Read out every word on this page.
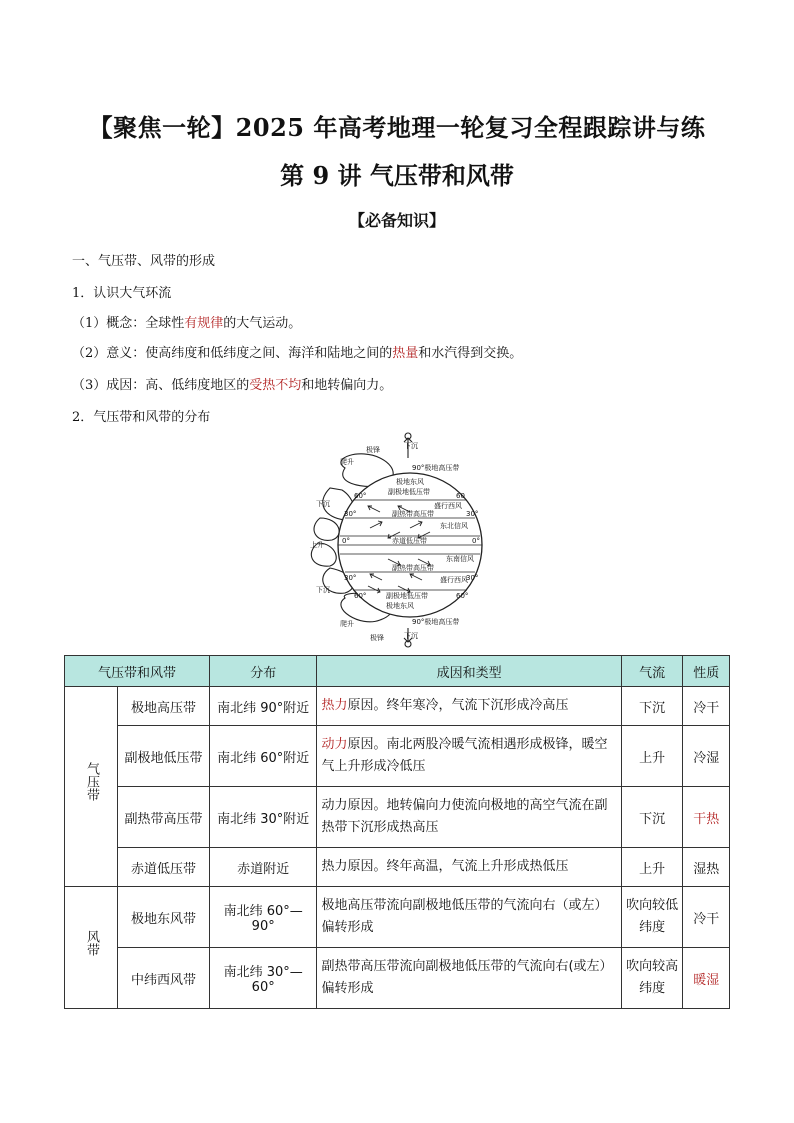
【聚焦一轮】2025 年高考地理一轮复习全程跟踪讲与练
第 9 讲 气压带和风带
【必备知识】
一、气压带、风带的形成
1．认识大气环流
（1）概念：全球性有规律的大气运动。
（2）意义：使高纬度和低纬度之间、海洋和陆地之间的热量和水汽得到交换。
（3）成因：高、低纬度地区的受热不均和地转偏向力。
2．气压带和风带的分布
下沉
极锋
爬升
下沉
上升
下沉
爬升
极锋	下沉
90°极地高压带
极地东风
副极地低压带
盛行西风
副热带高压带
东北信风
赤道低压带
东南信风
副热带高压带
盛行西风
副极地低压带
极地东风
90°极地高压带
60°	60
30°	30°
0°	0°
30°	30°
60°	60°
气压带和风带		分布	成因和类型	气流	性质
气压带	极地高压带	南北纬 90°附近	热力原因。终年寒冷，气流下沉形成冷高压	下沉	冷干
	副极地低压带	南北纬 60°附近	动力原因。南北两股冷暖气流相遇形成极锋，暖空气上升形成冷低压	上升	冷湿
	副热带高压带	南北纬 30°附近	动力原因。地转偏向力使流向极地的高空气流在副热带下沉形成热高压	下沉	干热
	赤道低压带	赤道附近	热力原因。终年高温，气流上升形成热低压	上升	湿热
风带	极地东风带	南北纬 60°—90°	极地高压带流向副极地低压带的气流向右（或左）偏转形成	吹向较低纬度	冷干
	中纬西风带	南北纬 30°—60°	副热带高压带流向副极地低压带的气流向右(或左）偏转形成	吹向较高纬度	暖湿
